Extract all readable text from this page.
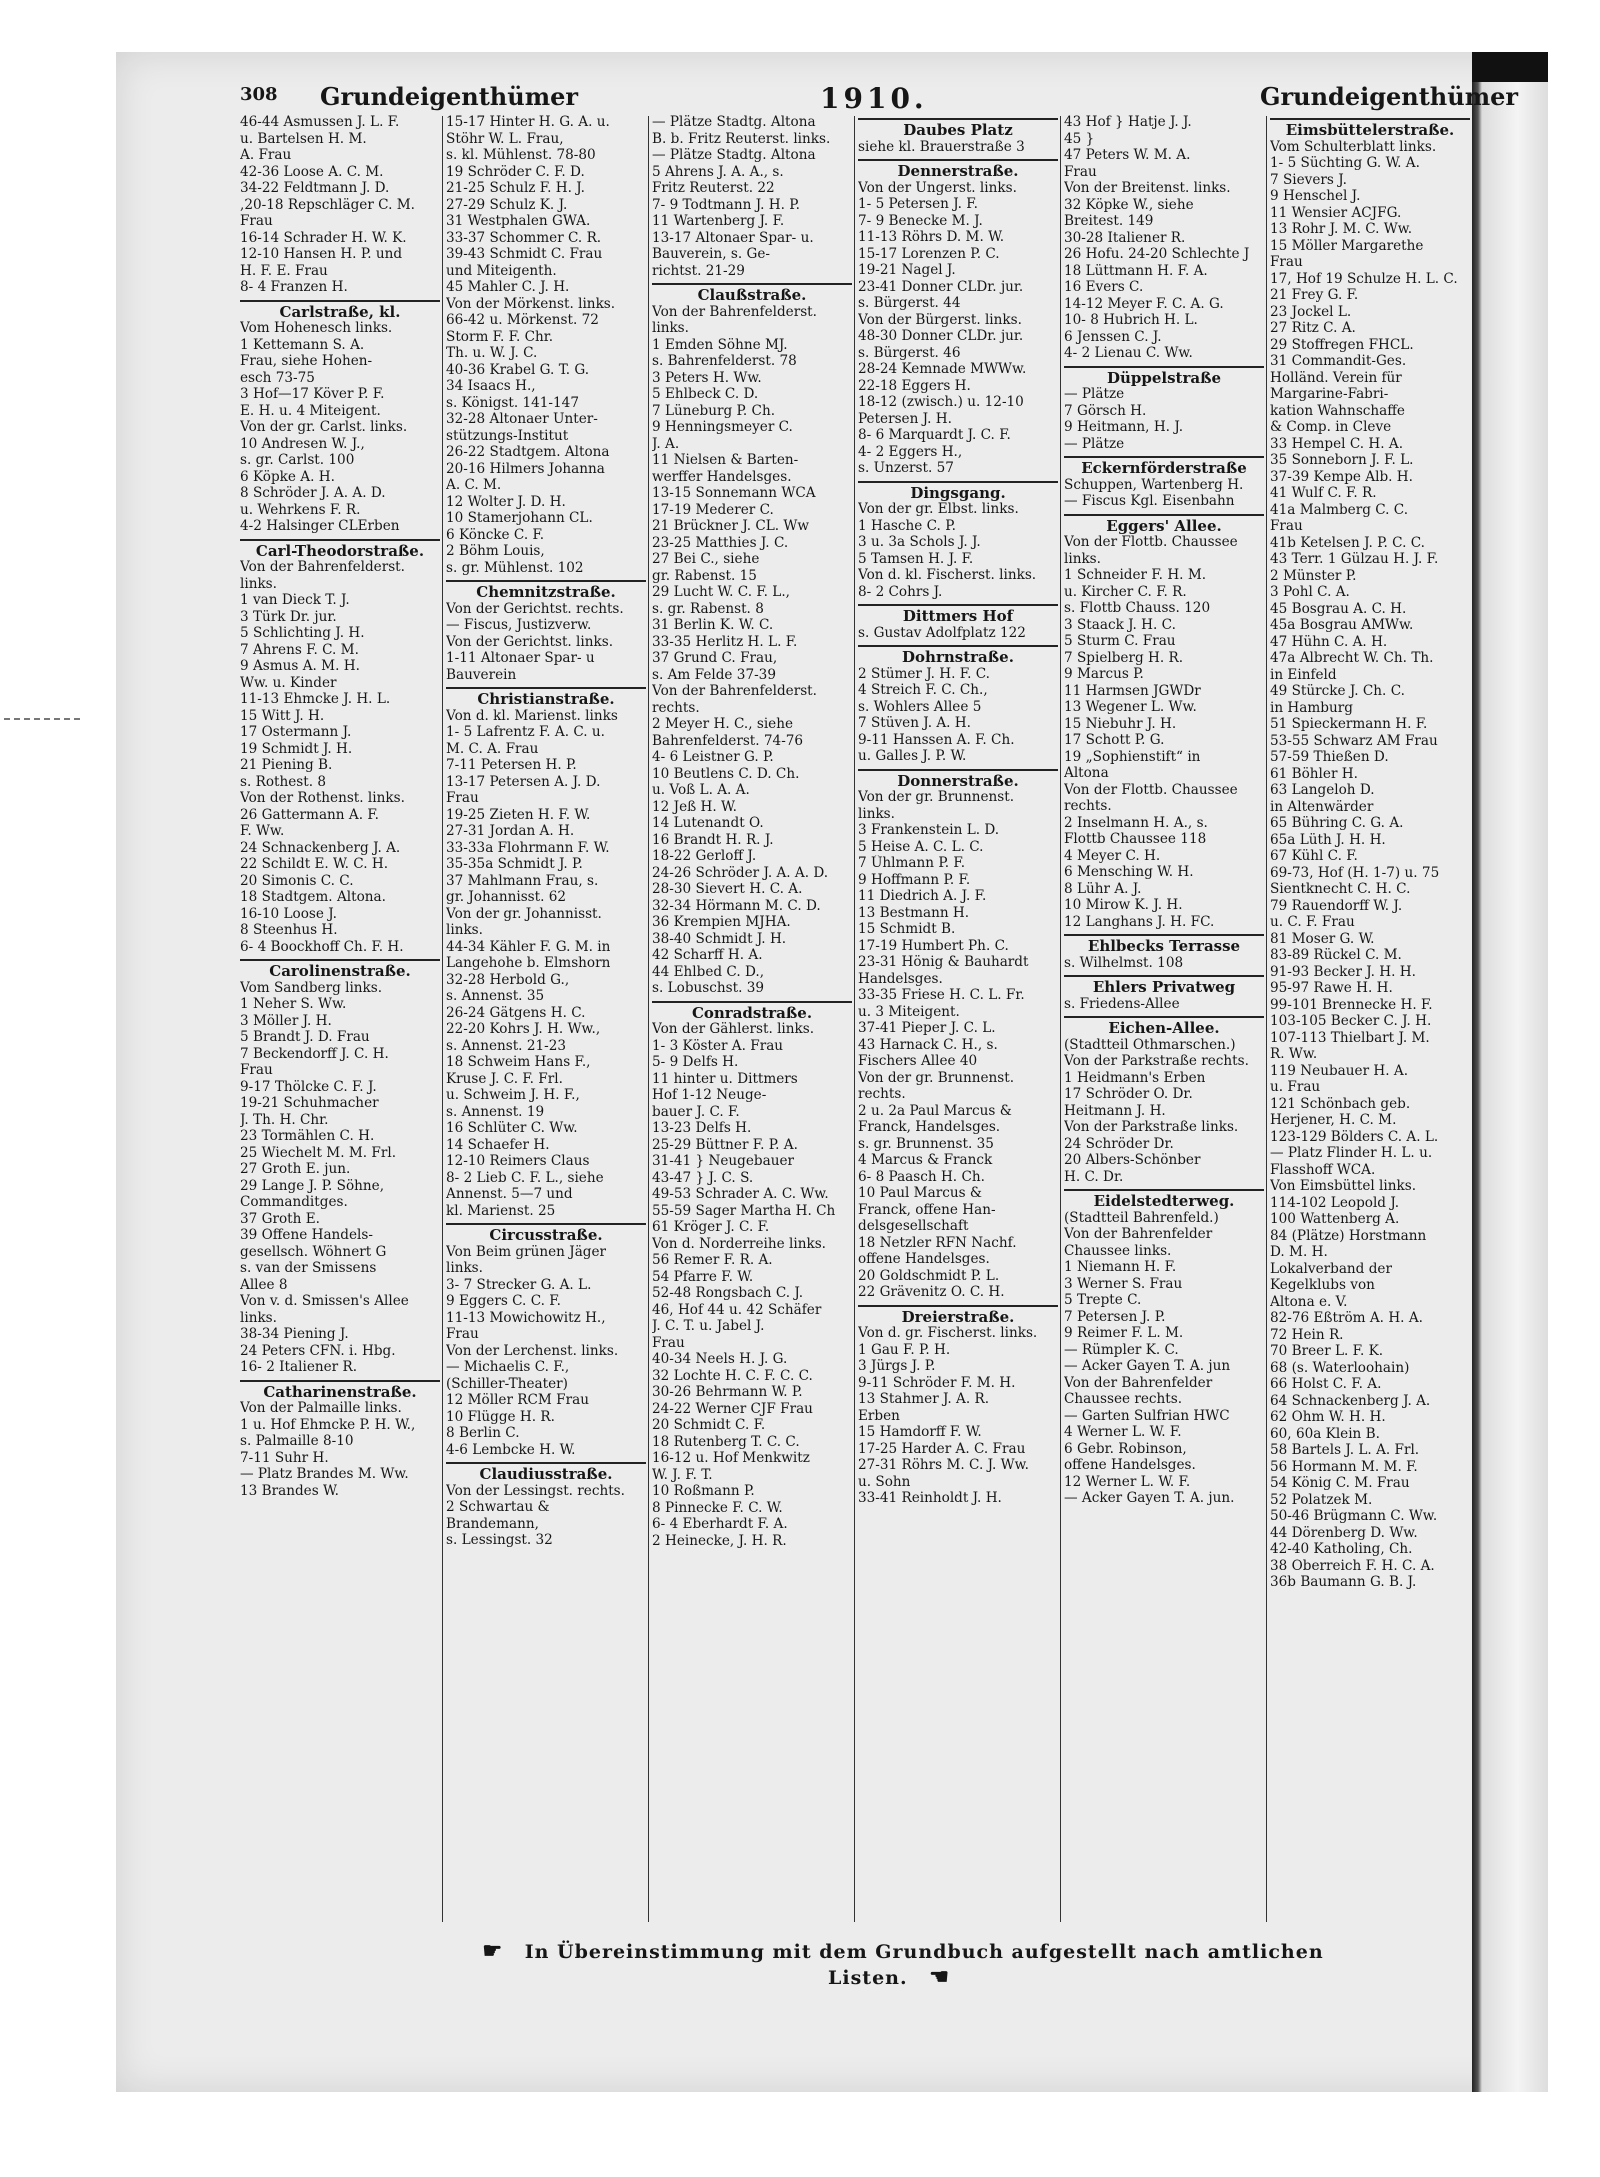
308 Grundeigenthümer	1910.	Grundeigenthümer
46-44 Asmussen J. L. F.
u. Bartelsen H. M.
A. Frau
42-36 Loose A. C. M.
34-22 Feldtmann J. D.
,20-18 Repschläger C. M.
Frau
16-14 Schrader H. W. K.
12-10 Hansen H. P. und
H. F. E. Frau
8- 4 Franzen H.
Carlstraße, kl.
Vom Hohenesch links.
1 Kettemann S. A.
Frau, siehe Hohen-
esch 73-75
3 Hof—17 Köver P. F.
E. H. u. 4 Miteigent.
Von der gr. Carlst. links.
10 Andresen W. J.,
s. gr. Carlst. 100
6 Köpke A. H.
8 Schröder J. A. A. D.
u. Wehrkens F. R.
4-2 Halsinger CLErben
Carl-Theodorstraße.
Von der Bahrenfelderst.
links.
1 van Dieck T. J.
3 Türk Dr. jur.
5 Schlichting J. H.
7 Ahrens F. C. M.
9 Asmus A. M. H.
Ww. u. Kinder
11-13 Ehmcke J. H. L.
15 Witt J. H.
17 Ostermann J.
19 Schmidt J. H.
21 Piening B.
s. Rothest. 8
Von der Rothenst. links.
26 Gattermann A. F.
F. Ww.
24 Schnackenberg J. A.
22 Schildt E. W. C. H.
20 Simonis C. C.
18 Stadtgem. Altona.
16-10 Loose J.
8 Steenhus H.
6- 4 Boockhoff Ch. F. H.
Carolinenstraße.
Vom Sandberg links.
1 Neher S. Ww.
3 Möller J. H.
5 Brandt J. D. Frau
7 Beckendorff J. C. H.
Frau
9-17 Thölcke C. F. J.
19-21 Schuhmacher
J. Th. H. Chr.
23 Tormählen C. H.
25 Wiechelt M. M. Frl.
27 Groth E. jun.
29 Lange J. P. Söhne,
Commanditges.
37 Groth E.
39 Offene Handels-
gesellsch. Wöhnert G
s. van der Smissens
Allee 8
Von v. d. Smissen's Allee
links.
38-34 Piening J.
24 Peters CFN. i. Hbg.
16- 2 Italiener R.
Catharinenstraße.
Von der Palmaille links.
1 u. Hof Ehmcke P. H. W.,
s. Palmaille 8-10
7-11 Suhr H.
— Platz Brandes M. Ww.
13 Brandes W.
15-17 Hinter H. G. A. u.
Stöhr W. L. Frau,
s. kl. Mühlenst. 78-80
19 Schröder C. F. D.
21-25 Schulz F. H. J.
27-29 Schulz K. J.
31 Westphalen GWA.
33-37 Schommer C. R.
39-43 Schmidt C. Frau
und Miteigenth.
45 Mahler C. J. H.
Von der Mörkenst. links.
66-42 u. Mörkenst. 72
Storm F. F. Chr.
Th. u. W. J. C.
40-36 Krabel G. T. G.
34 Isaacs H.,
s. Königst. 141-147
32-28 Altonaer Unter-
stützungs-Institut
26-22 Stadtgem. Altona
20-16 Hilmers Johanna
A. C. M.
12 Wolter J. D. H.
10 Stamerjohann CL.
6 Köncke C. F.
2 Böhm Louis,
s. gr. Mühlenst. 102
Chemnitzstraße.
Von der Gerichtst. rechts.
— Fiscus, Justizverw.
Von der Gerichtst. links.
1-11 Altonaer Spar- u
Bauverein
Christianstraße.
Von d. kl. Marienst. links
1- 5 Lafrentz F. A. C. u.
M. C. A. Frau
7-11 Petersen H. P.
13-17 Petersen A. J. D.
Frau
19-25 Zieten H. F. W.
27-31 Jordan A. H.
33-33a Flohrmann F. W.
35-35a Schmidt J. P.
37 Mahlmann Frau, s.
gr. Johannisst. 62
Von der gr. Johannisst.
links.
44-34 Kähler F. G. M. in
Langehohe b. Elmshorn
32-28 Herbold G.,
s. Annenst. 35
26-24 Gätgens H. C.
22-20 Kohrs J. H. Ww.,
s. Annenst. 21-23
18 Schweim Hans F.,
Kruse J. C. F. Frl.
u. Schweim J. H. F.,
s. Annenst. 19
16 Schlüter C. Ww.
14 Schaefer H.
12-10 Reimers Claus
8- 2 Lieb C. F. L., siehe
Annenst. 5—7 und
kl. Marienst. 25
Circusstraße.
Von Beim grünen Jäger
links.
3- 7 Strecker G. A. L.
9 Eggers C. C. F.
11-13 Mowichowitz H.,
Frau
Von der Lerchenst. links.
— Michaelis C. F.,
(Schiller-Theater)
12 Möller RCM Frau
10 Flügge H. R.
8 Berlin C.
4-6 Lembcke H. W.
Claudiusstraße.
Von der Lessingst. rechts.
2 Schwartau &
Brandemann,
s. Lessingst. 32
— Plätze Stadtg. Altona
B. b. Fritz Reuterst. links.
— Plätze Stadtg. Altona
5 Ahrens J. A. A., s.
Fritz Reuterst. 22
7- 9 Todtmann J. H. P.
11 Wartenberg J. F.
13-17 Altonaer Spar- u.
Bauverein, s. Ge-
richtst. 21-29
Claußstraße.
Von der Bahrenfelderst.
links.
1 Emden Söhne MJ.
s. Bahrenfelderst. 78
3 Peters H. Ww.
5 Ehlbeck C. D.
7 Lüneburg P. Ch.
9 Henningsmeyer C.
J. A.
11 Nielsen & Barten-
werffer Handelsges.
13-15 Sonnemann WCA
17-19 Mederer C.
21 Brückner J. CL. Ww
23-25 Matthies J. C.
27 Bei C., siehe
gr. Rabenst. 15
29 Lucht W. C. F. L.,
s. gr. Rabenst. 8
31 Berlin K. W. C.
33-35 Herlitz H. L. F.
37 Grund C. Frau,
s. Am Felde 37-39
Von der Bahrenfelderst.
rechts.
2 Meyer H. C., siehe
Bahrenfelderst. 74-76
4- 6 Leistner G. P.
10 Beutlens C. D. Ch.
u. Voß L. A. A.
12 Jeß H. W.
14 Lutenandt O.
16 Brandt H. R. J.
18-22 Gerloff J.
24-26 Schröder J. A. A. D.
28-30 Sievert H. C. A.
32-34 Hörmann M. C. D.
36 Krempien MJHA.
38-40 Schmidt J. H.
42 Scharff H. A.
44 Ehlbed C. D.,
s. Lobuschst. 39
Conradstraße.
Von der Gählerst. links.
1- 3 Köster A. Frau
5- 9 Delfs H.
11 hinter u. Dittmers
Hof 1-12 Neuge-
bauer J. C. F.
13-23 Delfs H.
25-29 Büttner F. P. A.
31-41 } Neugebauer
43-47 } J. C. S.
49-53 Schrader A. C. Ww.
55-59 Sager Martha H. Ch
61 Kröger J. C. F.
Von d. Norderreihe links.
56 Remer F. R. A.
54 Pfarre F. W.
52-48 Rongsbach C. J.
46, Hof 44 u. 42 Schäfer
J. C. T. u. Jabel J.
Frau
40-34 Neels H. J. G.
32 Lochte H. C. F. C. C.
30-26 Behrmann W. P.
24-22 Werner CJF Frau
20 Schmidt C. F.
18 Rutenberg T. C. C.
16-12 u. Hof Menkwitz
W. J. F. T.
10 Roßmann P.
8 Pinnecke F. C. W.
6- 4 Eberhardt F. A.
2 Heinecke, J. H. R.
Daubes Platz
siehe kl. Brauerstraße 3
Dennerstraße.
Von der Ungerst. links.
1- 5 Petersen J. F.
7- 9 Benecke M. J.
11-13 Röhrs D. M. W.
15-17 Lorenzen P. C.
19-21 Nagel J.
23-41 Donner CLDr. jur.
s. Bürgerst. 44
Von der Bürgerst. links.
48-30 Donner CLDr. jur.
s. Bürgerst. 46
28-24 Kemnade MWWw.
22-18 Eggers H.
18-12 (zwisch.) u. 12-10
Petersen J. H.
8- 6 Marquardt J. C. F.
4- 2 Eggers H.,
s. Unzerst. 57
Dingsgang.
Von der gr. Elbst. links.
1 Hasche C. P.
3 u. 3a Schols J. J.
5 Tamsen H. J. F.
Von d. kl. Fischerst. links.
8- 2 Cohrs J.
Dittmers Hof
s. Gustav Adolfplatz 122
Dohrnstraße.
2 Stümer J. H. F. C.
4 Streich F. C. Ch.,
s. Wohlers Allee 5
7 Stüven J. A. H.
9-11 Hanssen A. F. Ch.
u. Galles J. P. W.
Donnerstraße.
Von der gr. Brunnenst.
links.
3 Frankenstein L. D.
5 Heise A. C. L. C.
7 Ühlmann P. F.
9 Hoffmann P. F.
11 Diedrich A. J. F.
13 Bestmann H.
15 Schmidt B.
17-19 Humbert Ph. C.
23-31 Hönig & Bauhardt
Handelsges.
33-35 Friese H. C. L. Fr.
u. 3 Miteigent.
37-41 Pieper J. C. L.
43 Harnack C. H., s.
Fischers Allee 40
Von der gr. Brunnenst.
rechts.
2 u. 2a Paul Marcus &
Franck, Handelsges.
s. gr. Brunnenst. 35
4 Marcus & Franck
6- 8 Paasch H. Ch.
10 Paul Marcus &
Franck, offene Han-
delsgesellschaft
18 Netzler RFN Nachf.
offene Handelsges.
20 Goldschmidt P. L.
22 Grävenitz O. C. H.
Dreierstraße.
Von d. gr. Fischerst. links.
1 Gau F. P. H.
3 Jürgs J. P.
9-11 Schröder F. M. H.
13 Stahmer J. A. R.
Erben
15 Hamdorff F. W.
17-25 Harder A. C. Frau
27-31 Röhrs M. C. J. Ww.
u. Sohn
33-41 Reinholdt J. H.
43 Hof } Hatje J. J.
45 }
47 Peters W. M. A.
Frau
Von der Breitenst. links.
32 Köpke W., siehe
Breitest. 149
30-28 Italiener R.
26 Hofu. 24-20 Schlechte J
18 Lüttmann H. F. A.
16 Evers C.
14-12 Meyer F. C. A. G.
10- 8 Hubrich H. L.
6 Jenssen C. J.
4- 2 Lienau C. Ww.
Düppelstraße
— Plätze
7 Görsch H.
9 Heitmann, H. J.
— Plätze
Eckernförderstraße
Schuppen, Wartenberg H.
— Fiscus Kgl. Eisenbahn
Eggers' Allee.
Von der Flottb. Chaussee
links.
1 Schneider F. H. M.
u. Kircher C. F. R.
s. Flottb Chauss. 120
3 Staack J. H. C.
5 Sturm C. Frau
7 Spielberg H. R.
9 Marcus P.
11 Harmsen JGWDr
13 Wegener L. Ww.
15 Niebuhr J. H.
17 Schott P. G.
19 „Sophienstift“ in
Altona
Von der Flottb. Chaussee
rechts.
2 Inselmann H. A., s.
Flottb Chaussee 118
4 Meyer C. H.
6 Mensching W. H.
8 Lühr A. J.
10 Mirow K. J. H.
12 Langhans J. H. FC.
Ehlbecks Terrasse
s. Wilhelmst. 108
Ehlers Privatweg
s. Friedens-Allee
Eichen-Allee.
(Stadtteil Othmarschen.)
Von der Parkstraße rechts.
1 Heidmann's Erben
17 Schröder O. Dr.
Heitmann J. H.
Von der Parkstraße links.
24 Schröder Dr.
20 Albers-Schönber
H. C. Dr.
Eidelstedterweg.
(Stadtteil Bahrenfeld.)
Von der Bahrenfelder
Chaussee links.
1 Niemann H. F.
3 Werner S. Frau
5 Trepte C.
7 Petersen J. P.
9 Reimer F. L. M.
— Rümpler K. C.
— Acker Gayen T. A. jun
Von der Bahrenfelder
Chaussee rechts.
— Garten Sulfrian HWC
4 Werner L. W. F.
6 Gebr. Robinson,
offene Handelsges.
12 Werner L. W. F.
— Acker Gayen T. A. jun.
Eimsbüttelerstraße.
Vom Schulterblatt links.
1- 5 Süchting G. W. A.
7 Sievers J.
9 Henschel J.
11 Wensier ACJFG.
13 Rohr J. M. C. Ww.
15 Möller Margarethe
Frau
17, Hof 19 Schulze H. L. C.
21 Frey G. F.
23 Jockel L.
27 Ritz C. A.
29 Stoffregen FHCL.
31 Commandit-Ges.
Holländ. Verein für
Margarine-Fabri-
kation Wahnschaffe
& Comp. in Cleve
33 Hempel C. H. A.
35 Sonneborn J. F. L.
37-39 Kempe Alb. H.
41 Wulf C. F. R.
41a Malmberg C. C.
Frau
41b Ketelsen J. P. C. C.
43 Terr. 1 Gülzau H. J. F.
2 Münster P.
3 Pohl C. A.
45 Bosgrau A. C. H.
45a Bosgrau AMWw.
47 Hühn C. A. H.
47a Albrecht W. Ch. Th.
in Einfeld
49 Stürcke J. Ch. C.
in Hamburg
51 Spieckermann H. F.
53-55 Schwarz AM Frau
57-59 Thießen D.
61 Böhler H.
63 Langeloh D.
in Altenwärder
65 Bühring C. G. A.
65a Lüth J. H. H.
67 Kühl C. F.
69-73, Hof (H. 1-7) u. 75
Sientknecht C. H. C.
79 Rauendorff W. J.
u. C. F. Frau
81 Moser G. W.
83-89 Rückel C. M.
91-93 Becker J. H. H.
95-97 Rawe H. H.
99-101 Brennecke H. F.
103-105 Becker C. J. H.
107-113 Thielbart J. M.
R. Ww.
119 Neubauer H. A.
u. Frau
121 Schönbach geb.
Herjener, H. C. M.
123-129 Bölders C. A. L.
— Platz Flinder H. L. u.
Flasshoff WCA.
Von Eimsbüttel links.
114-102 Leopold J.
100 Wattenberg A.
84 (Plätze) Horstmann
D. M. H.
Lokalverband der
Kegelklubs von
Altona e. V.
82-76 Eßtröm A. H. A.
72 Hein R.
70 Breer L. F. K.
68 (s. Waterloohain)
66 Holst C. F. A.
64 Schnackenberg J. A.
62 Ohm W. H. H.
60, 60a Klein B.
58 Bartels J. L. A. Frl.
56 Hormann M. M. F.
54 König C. M. Frau
52 Polatzek M.
50-46 Brügmann C. Ww.
44 Dörenberg D. Ww.
42-40 Katholing, Ch.
38 Oberreich F. H. C. A.
36b Baumann G. B. J.
☛ In Übereinstimmung mit dem Grundbuch aufgestellt nach amtlichen Listen. ☚
